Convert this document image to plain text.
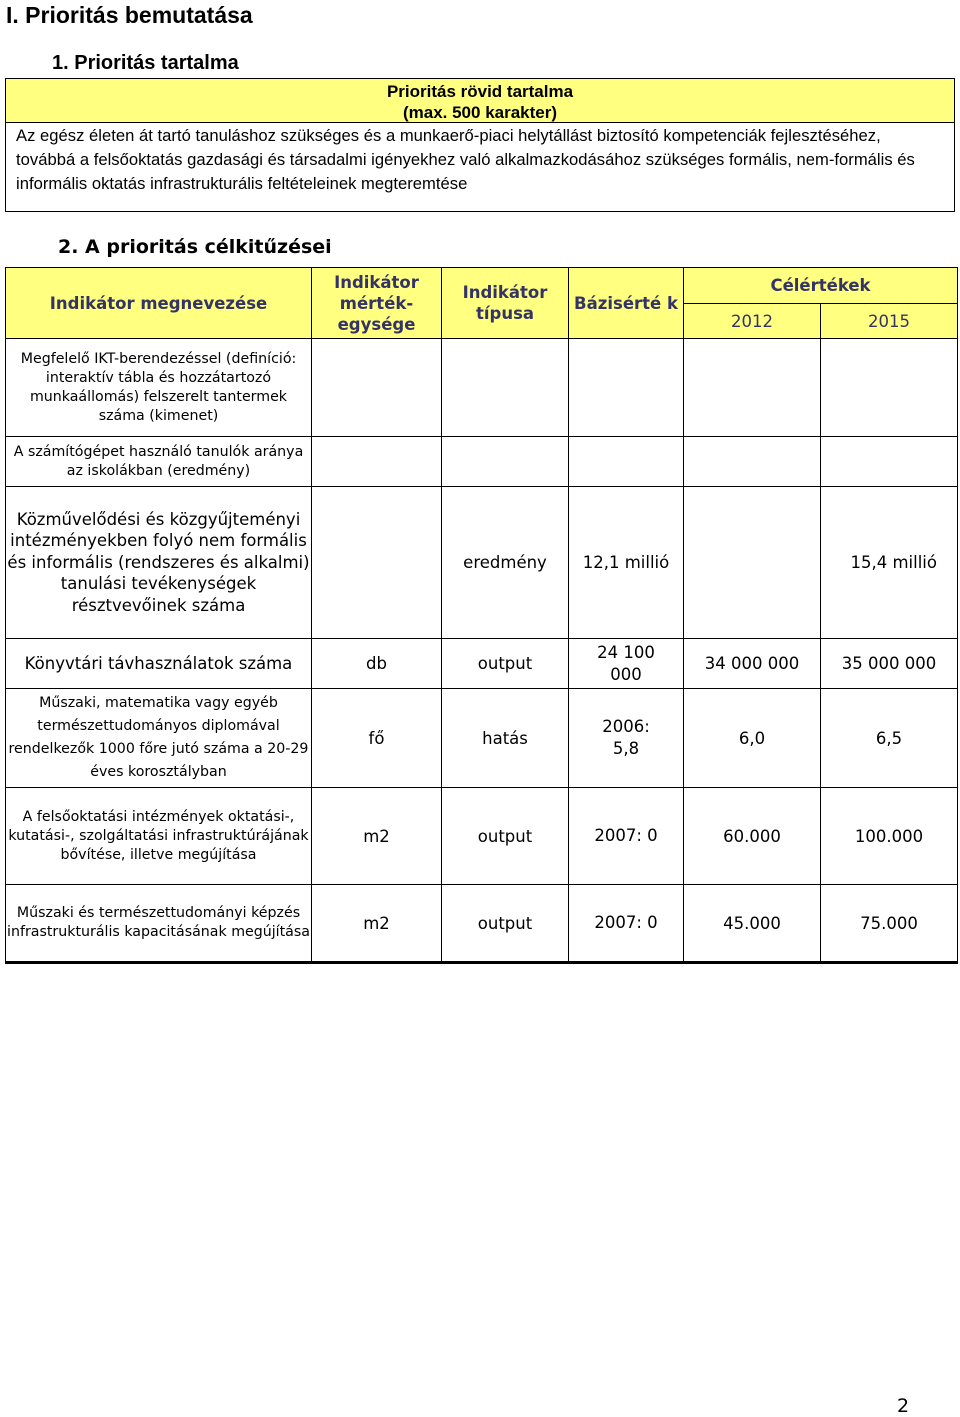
I. Prioritás bemutatása
1. Prioritás tartalma
Prioritás rövid tartalma
(max. 500 karakter)
Az egész életen át tartó tanuláshoz szükséges és a munkaerő-piaci helytállást biztosító kompetenciák fejlesztéséhez, továbbá a felsőoktatás gazdasági és társadalmi igényekhez való alkalmazkodásához szükséges formális, nem-formális és informális oktatás infrastrukturális feltételeinek megteremtése
2. A prioritás célkitűzései
Indikátor megnevezése	Indikátor mérték- egysége	Indikátor típusa	Bázisérté k	Célértékek	
				2012	2015
Megfelelő IKT-berendezéssel (definíció: interaktív tábla és hozzátartozó munkaállomás) felszerelt tantermek száma (kimenet)					
A számítógépet használó tanulók aránya az iskolákban (eredmény)					
Közművelődési és közgyűjteményi intézményekben folyó nem formális és informális (rendszeres és alkalmi) tanulási tevékenységek résztvevőinek száma		eredmény	12,1 millió		15,4 millió
Könyvtári távhasználatok száma	db	output	24 100 000	34 000 000	35 000 000
Műszaki, matematika vagy egyéb természettudományos diplomával rendelkezők 1000 főre jutó száma a 20-29 éves korosztályban	fő	hatás	2006: 5,8	6,0	6,5
A felsőoktatási intézmények oktatási-, kutatási-, szolgáltatási infrastruktúrájának bővítése, illetve megújítása	m2	output	2007: 0	60.000	100.000
Műszaki és természettudományi képzés infrastrukturális kapacitásának megújítása	m2	output	2007: 0	45.000	75.000
2
